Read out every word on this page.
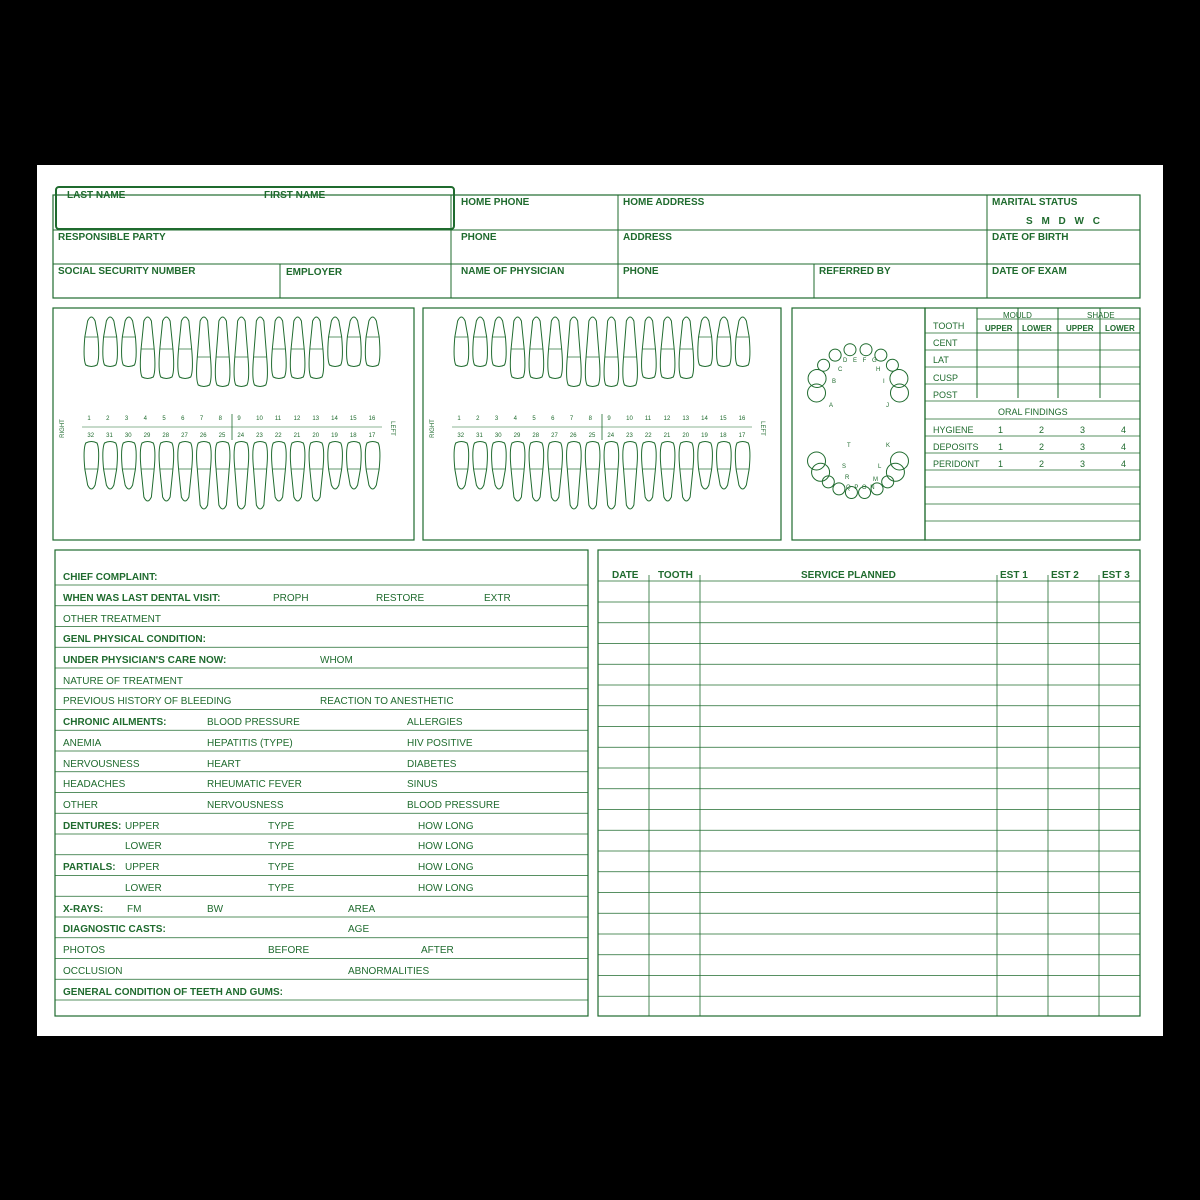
LAST NAME	FIRST NAME
HOME PHONE	HOME ADDRESS	MARITAL STATUS
S M D W C
RESPONSIBLE PARTY	PHONE	ADDRESS	DATE OF BIRTH
SOCIAL SECURITY NUMBER	EMPLOYER	NAME OF PHYSICIAN	PHONE	REFERRED BY	DATE OF EXAM
1	2	3	4	5	6	7	8	9	10 11 12 13 14 15 16
32 31 30 29 28 27 26 25 24 23 22 21 20 19 18 17
RIGHT	LEFT
1	2	3	4	5	6	7	8	9	10 11 12 13 14 15 16
32 31 30 29 28 27 26 25 24 23 22 21 20 19 18 17
RIGHT	LEFT
D E F G
C	H
B	I
A	J
T	K
S	L
R	M
Q P O N
TOOTH
MOULD	SHADE
UPPER LOWER UPPER LOWER
CENT
LAT
CUSP
POST
ORAL FINDINGS
HYGIENE	1	2	3	4
DEPOSITS 1	2	3	4
PERIDONT 1	2	3	4
CHIEF COMPLAINT:
WHEN WAS LAST DENTAL VISIT:	PROPH	RESTORE	EXTR
OTHER TREATMENT
GENL PHYSICAL CONDITION:
UNDER PHYSICIAN'S CARE NOW:	WHOM
NATURE OF TREATMENT
PREVIOUS HISTORY OF BLEEDING	REACTION TO ANESTHETIC
CHRONIC AILMENTS:	BLOOD PRESSURE	ALLERGIES
ANEMIA	HEPATITIS (TYPE)	HIV POSITIVE
NERVOUSNESS	HEART	DIABETES
HEADACHES	RHEUMATIC FEVER	SINUS
OTHER	NERVOUSNESS	BLOOD PRESSURE
DENTURES: UPPER	TYPE	HOW LONG
LOWER	TYPE	HOW LONG
PARTIALS: UPPER	TYPE	HOW LONG
LOWER	TYPE	HOW LONG
X-RAYS: FM	BW	AREA
DIAGNOSTIC CASTS:	AGE
PHOTOS	BEFORE	AFTER
OCCLUSION	ABNORMALITIES
GENERAL CONDITION OF TEETH AND GUMS:
DATE TOOTH	SERVICE PLANNED	EST 1 EST 2 EST 3
